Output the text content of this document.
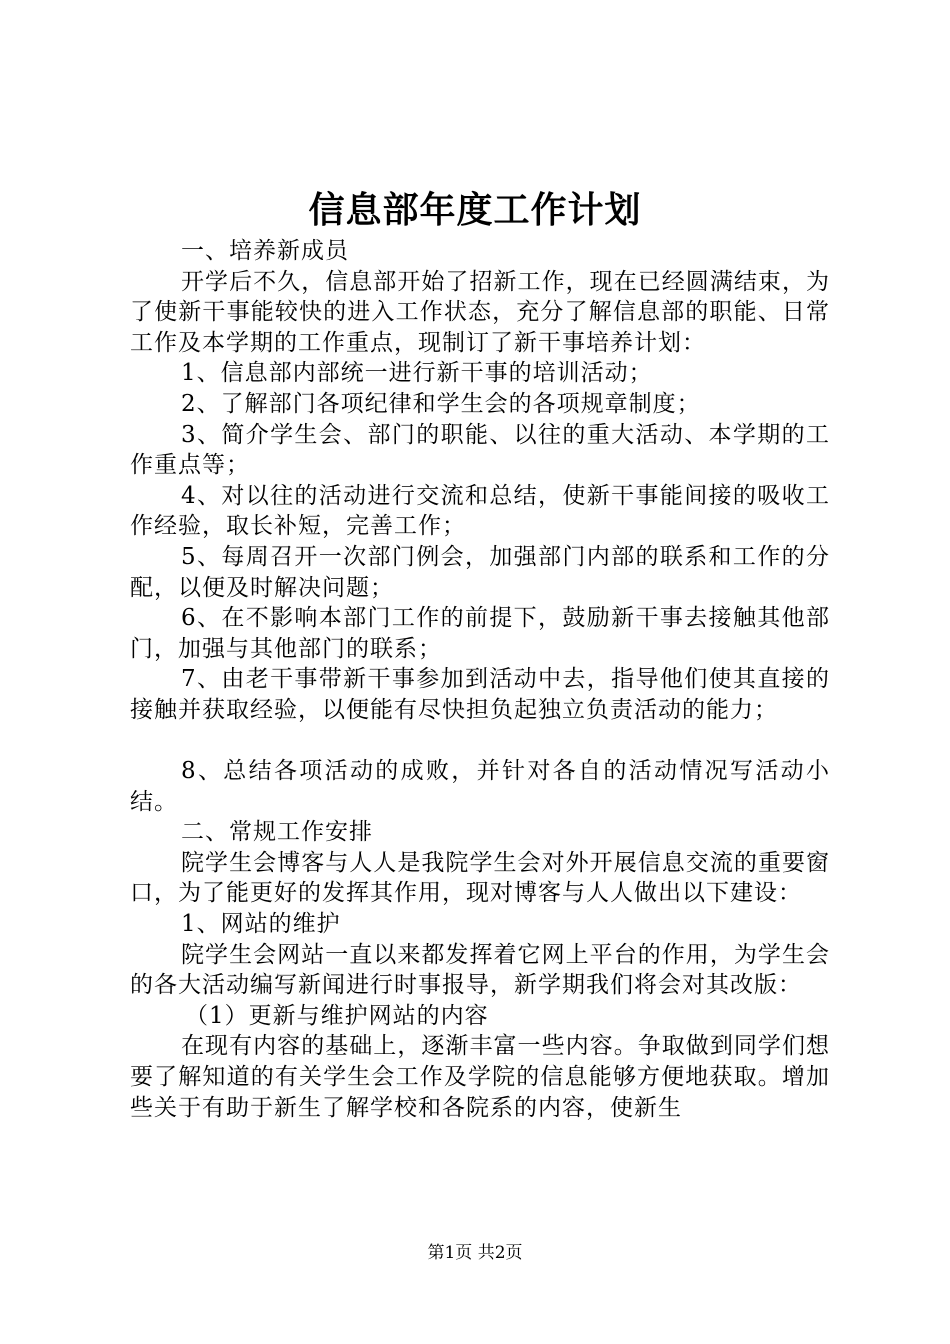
信息部年度工作计划

一、培养新成员

开学后不久，信息部开始了招新工作，现在已经圆满结束，为了使新干事能较快的进入工作状态，充分了解信息部的职能、日常工作及本学期的工作重点，现制订了新干事培养计划：

1、信息部内部统一进行新干事的培训活动；

2、了解部门各项纪律和学生会的各项规章制度；

3、简介学生会、部门的职能、以往的重大活动、本学期的工作重点等；

4、对以往的活动进行交流和总结，使新干事能间接的吸收工作经验，取长补短，完善工作；

5、每周召开一次部门例会，加强部门内部的联系和工作的分配，以便及时解决问题；

6、在不影响本部门工作的前提下，鼓励新干事去接触其他部门，加强与其他部门的联系；

7、由老干事带新干事参加到活动中去，指导他们使其直接的接触并获取经验，以便能有尽快担负起独立负责活动的能力；

8、总结各项活动的成败，并针对各自的活动情况写活动小结。

二、常规工作安排

院学生会博客与人人是我院学生会对外开展信息交流的重要窗口，为了能更好的发挥其作用，现对博客与人人做出以下建设：

1、网站的维护

院学生会网站一直以来都发挥着它网上平台的作用，为学生会的各大活动编写新闻进行时事报导，新学期我们将会对其改版：

（1）更新与维护网站的内容

在现有内容的基础上，逐渐丰富一些内容。争取做到同学们想要了解知道的有关学生会工作及学院的信息能够方便地获取。增加些关于有助于新生了解学校和各院系的内容，使新生

第1页 共2页
